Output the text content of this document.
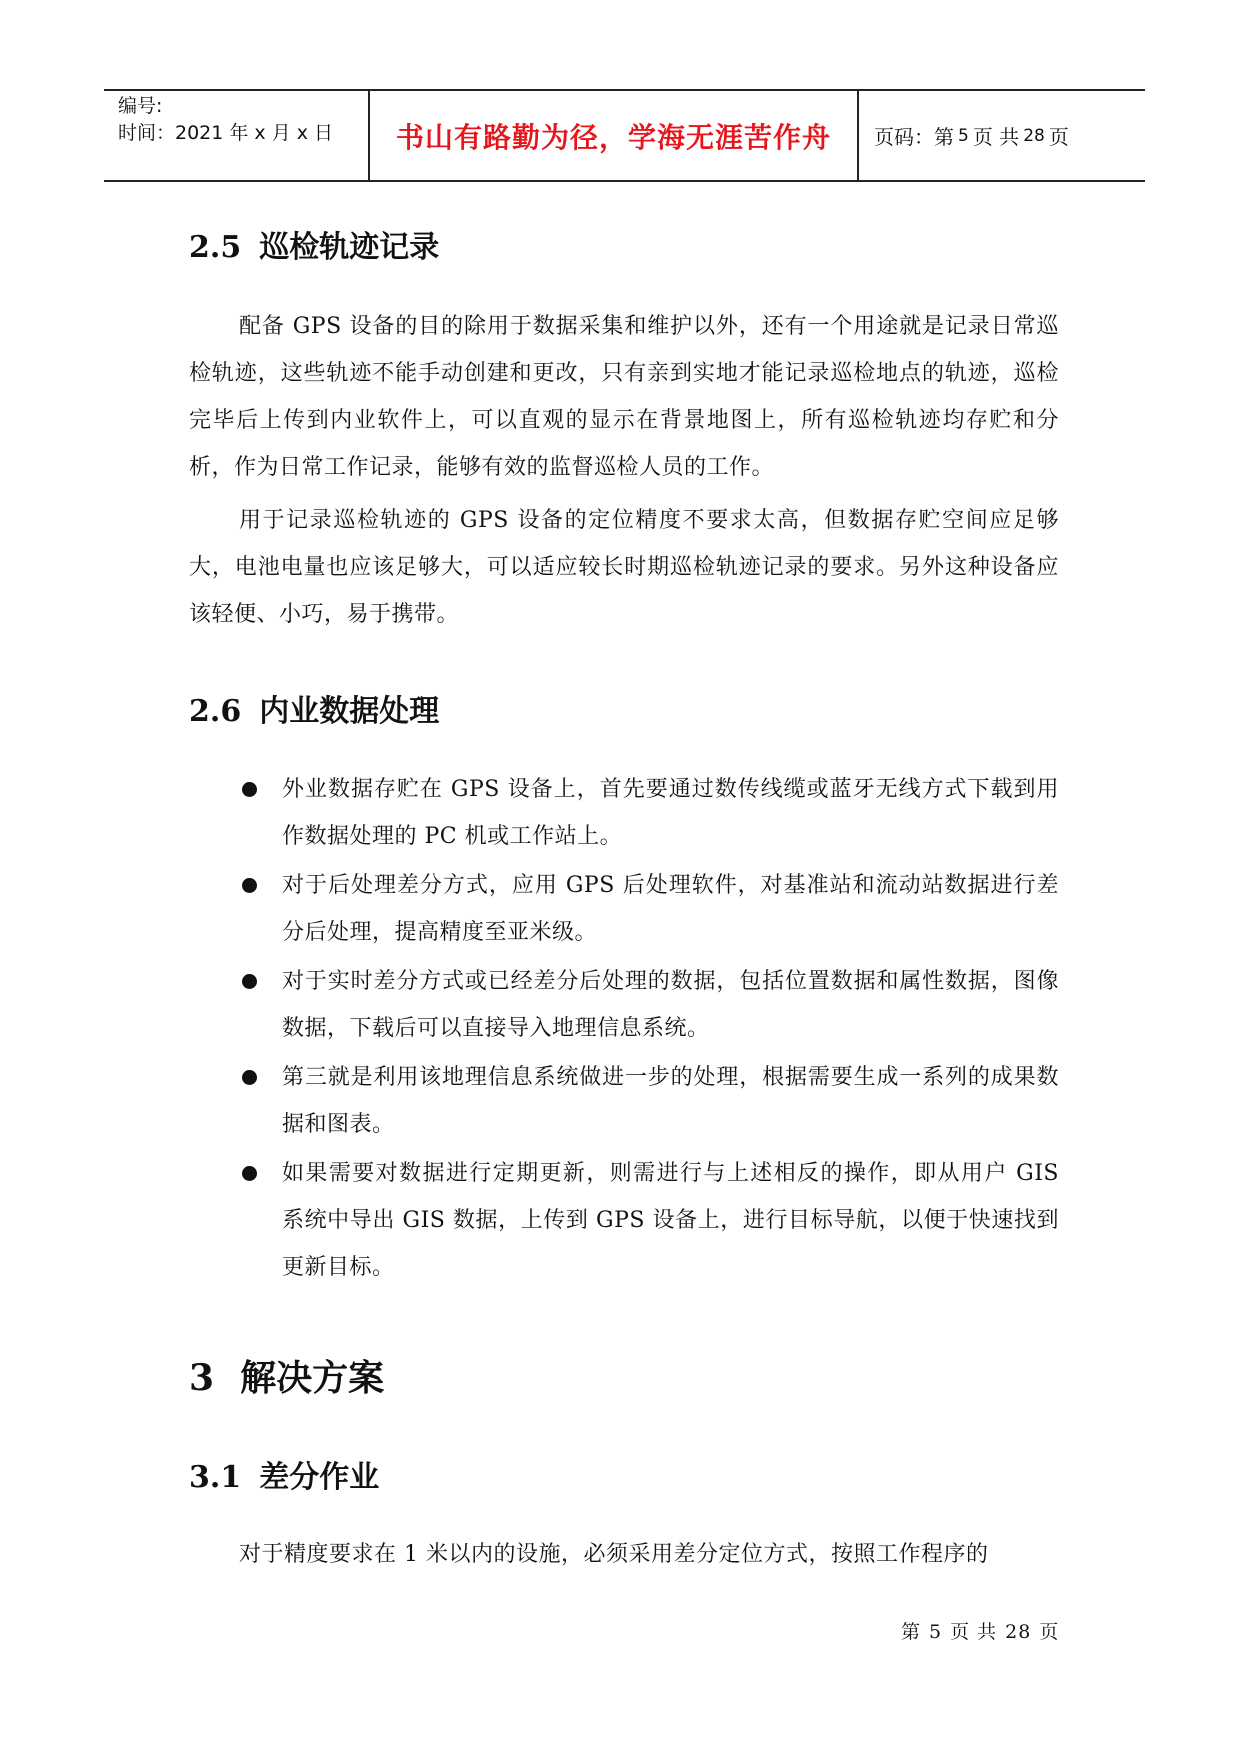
编号:
时间：2021 年 x 月 x 日	书山有路勤为径，学海无涯苦作舟	页码：第 5 页 共 28 页
2.5 巡检轨迹记录

配备 GPS 设备的目的除用于数据采集和维护以外，还有一个用途就是记录日常巡检轨迹，这些轨迹不能手动创建和更改，只有亲到实地才能记录巡检地点的轨迹，巡检完毕后上传到内业软件上，可以直观的显示在背景地图上，所有巡检轨迹均存贮和分析，作为日常工作记录，能够有效的监督巡检人员的工作。

用于记录巡检轨迹的 GPS 设备的定位精度不要求太高，但数据存贮空间应足够大，电池电量也应该足够大，可以适应较长时期巡检轨迹记录的要求。另外这种设备应该轻便、小巧，易于携带。

2.6 内业数据处理
外业数据存贮在 GPS 设备上，首先要通过数传线缆或蓝牙无线方式下载到用作数据处理的 PC 机或工作站上。
对于后处理差分方式，应用 GPS 后处理软件，对基准站和流动站数据进行差分后处理，提高精度至亚米级。
对于实时差分方式或已经差分后处理的数据，包括位置数据和属性数据，图像数据，下载后可以直接导入地理信息系统。
第三就是利用该地理信息系统做进一步的处理，根据需要生成一系列的成果数据和图表。
如果需要对数据进行定期更新，则需进行与上述相反的操作，即从用户 GIS 系统中导出 GIS 数据，上传到 GPS 设备上，进行目标导航，以便于快速找到更新目标。
3 解决方案
3.1 差分作业

对于精度要求在 1 米以内的设施，必须采用差分定位方式，按照工作程序的

第 5 页 共 28 页
